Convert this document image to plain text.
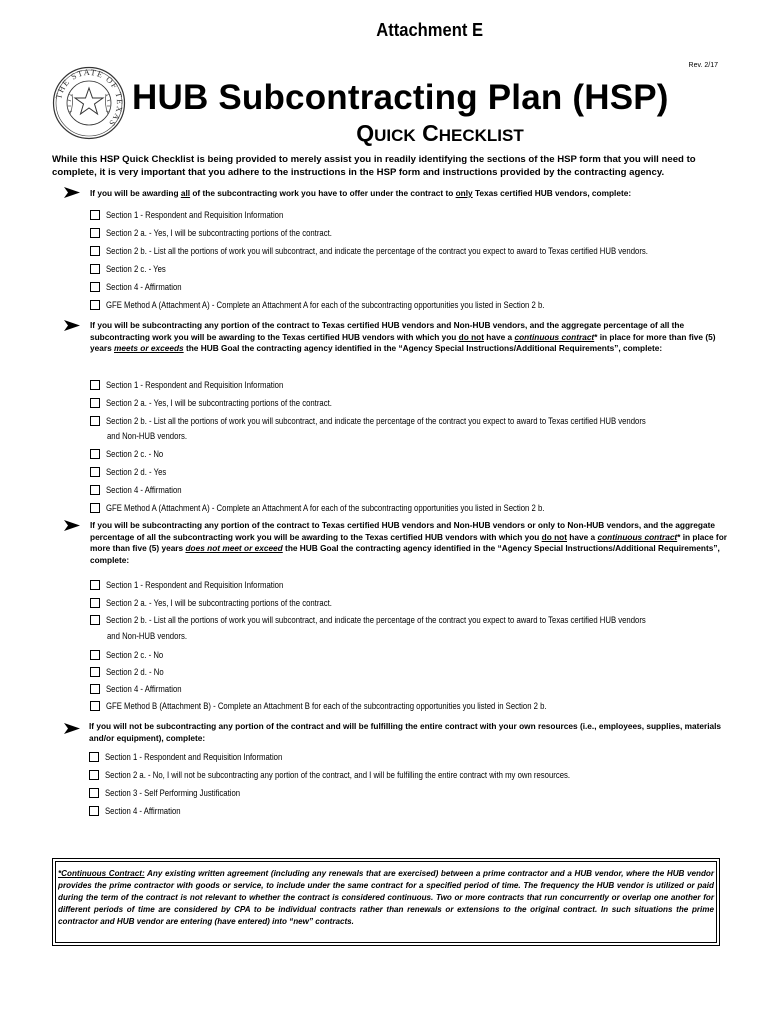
Attachment E
Rev. 2/17
THE STATE OF TEXAS
HUB Subcontracting Plan (HSP)
QUICK CHECKLIST
While this HSP Quick Checklist is being provided to merely assist you in readily identifying the sections of the HSP form that you will need to complete, it is very important that you adhere to the instructions in the HSP form and instructions provided by the contracting agency.
If you will be awarding all of the subcontracting work you have to offer under the contract to only Texas certified HUB vendors, complete:
Section 1 - Respondent and Requisition Information
Section 2 a. - Yes, I will be subcontracting portions of the contract.
Section 2 b. - List all the portions of work you will subcontract, and indicate the percentage of the contract you expect to award to Texas certified HUB vendors.
Section 2 c. - Yes
Section 4 - Affirmation
GFE Method A (Attachment A) - Complete an Attachment A for each of the subcontracting opportunities you listed in Section 2 b.
If you will be subcontracting any portion of the contract to Texas certified HUB vendors and Non-HUB vendors, and the aggregate percentage of all the subcontracting work you will be awarding to the Texas certified HUB vendors with which you do not have a continuous contract* in place for more than five (5) years meets or exceeds the HUB Goal the contracting agency identified in the “Agency Special Instructions/Additional Requirements”, complete:
Section 1 - Respondent and Requisition Information
Section 2 a. - Yes, I will be subcontracting portions of the contract.
Section 2 b. - List all the portions of work you will subcontract, and indicate the percentage of the contract you expect to award to Texas certified HUB vendors
and Non-HUB vendors.
Section 2 c. - No
Section 2 d. - Yes
Section 4 - Affirmation
GFE Method A (Attachment A) - Complete an Attachment A for each of the subcontracting opportunities you listed in Section 2 b.
If you will be subcontracting any portion of the contract to Texas certified HUB vendors and Non-HUB vendors or only to Non-HUB vendors, and the aggregate percentage of all the subcontracting work you will be awarding to the Texas certified HUB vendors with which you do not have a continuous contract* in place for more than five (5) years does not meet or exceed the HUB Goal the contracting agency identified in the “Agency Special Instructions/Additional Requirements”, complete:
Section 1 - Respondent and Requisition Information
Section 2 a. - Yes, I will be subcontracting portions of the contract.
Section 2 b. - List all the portions of work you will subcontract, and indicate the percentage of the contract you expect to award to Texas certified HUB vendors
and Non-HUB vendors.
Section 2 c. - No
Section 2 d. - No
Section 4 - Affirmation
GFE Method B (Attachment B) - Complete an Attachment B for each of the subcontracting opportunities you listed in Section 2 b.
If you will not be subcontracting any portion of the contract and will be fulfilling the entire contract with your own resources (i.e., employees, supplies, materials and/or equipment), complete:
Section 1 - Respondent and Requisition Information
Section 2 a. - No, I will not be subcontracting any portion of the contract, and I will be fulfilling the entire contract with my own resources.
Section 3 - Self Performing Justification
Section 4 - Affirmation
*Continuous Contract: Any existing written agreement (including any renewals that are exercised) between a prime contractor and a HUB vendor, where the HUB vendor provides the prime contractor with goods or service, to include under the same contract for a specified period of time. The frequency the HUB vendor is utilized or paid during the term of the contract is not relevant to whether the contract is considered continuous. Two or more contracts that run concurrently or overlap one another for different periods of time are considered by CPA to be individual contracts rather than renewals or extensions to the original contract. In such situations the prime contractor and HUB vendor are entering (have entered) into “new” contracts.
